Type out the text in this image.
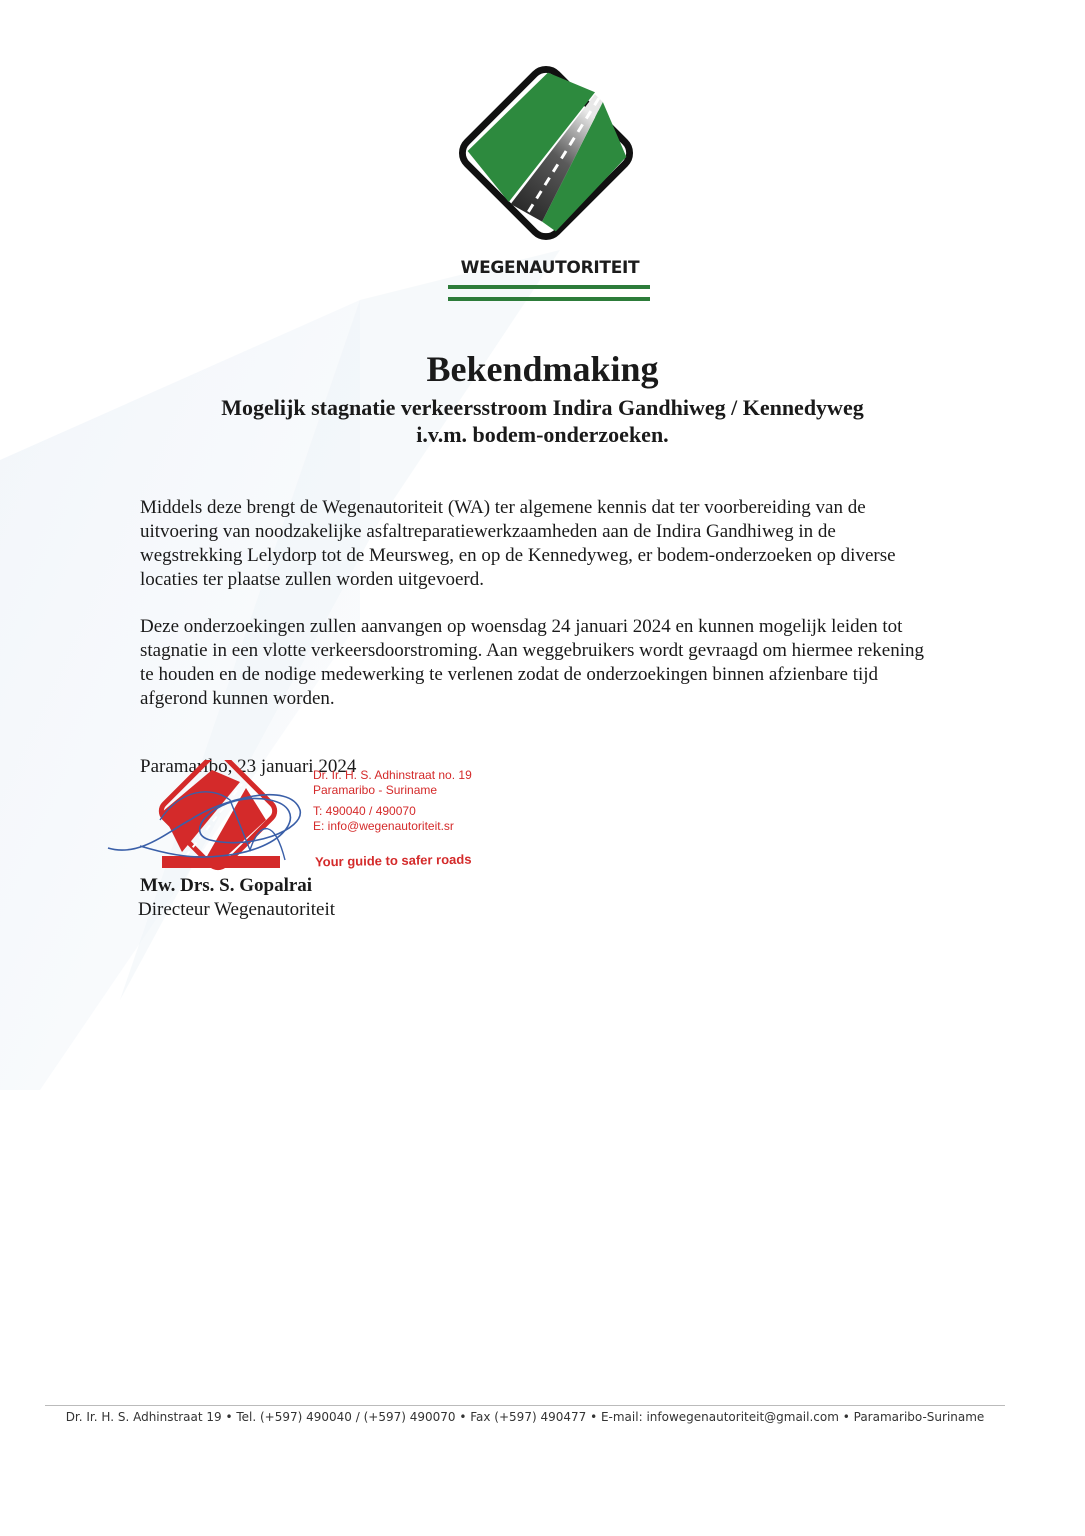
WEGENAUTORITEIT
Bekendmaking
Mogelijk stagnatie verkeersstroom Indira Gandhiweg / Kennedyweg
i.v.m. bodem-onderzoeken.

Middels deze brengt de Wegenautoriteit (WA) ter algemene kennis dat ter voorbereiding van de uitvoering van noodzakelijke asfaltreparatiewerkzaamheden aan de Indira Gandhiweg in de wegstrekking Lelydorp tot de Meursweg, en op de Kennedyweg, er bodem-onderzoeken op diverse locaties ter plaatse zullen worden uitgevoerd.

Deze onderzoekingen zullen aanvangen op woensdag 24 januari 2024 en kunnen mogelijk leiden tot stagnatie in een vlotte verkeersdoorstroming. Aan weggebruikers wordt gevraagd om hiermee rekening te houden en de nodige medewerking te verlenen zodat de onderzoekingen binnen afzienbare tijd afgerond kunnen worden.

Paramaribo, 23 januari 2024
Dr. Ir. H. S. Adhinstraat no. 19
Paramaribo - Suriname
T: 490040 / 490070
E: info@wegenautoriteit.sr
Your guide to safer roads
Mw. Drs. S. Gopalrai
Directeur Wegenautoriteit
Dr. Ir. H. S. Adhinstraat 19 • Tel. (+597) 490040 / (+597) 490070 • Fax (+597) 490477 • E-mail: infowegenautoriteit@gmail.com • Paramaribo-Suriname
